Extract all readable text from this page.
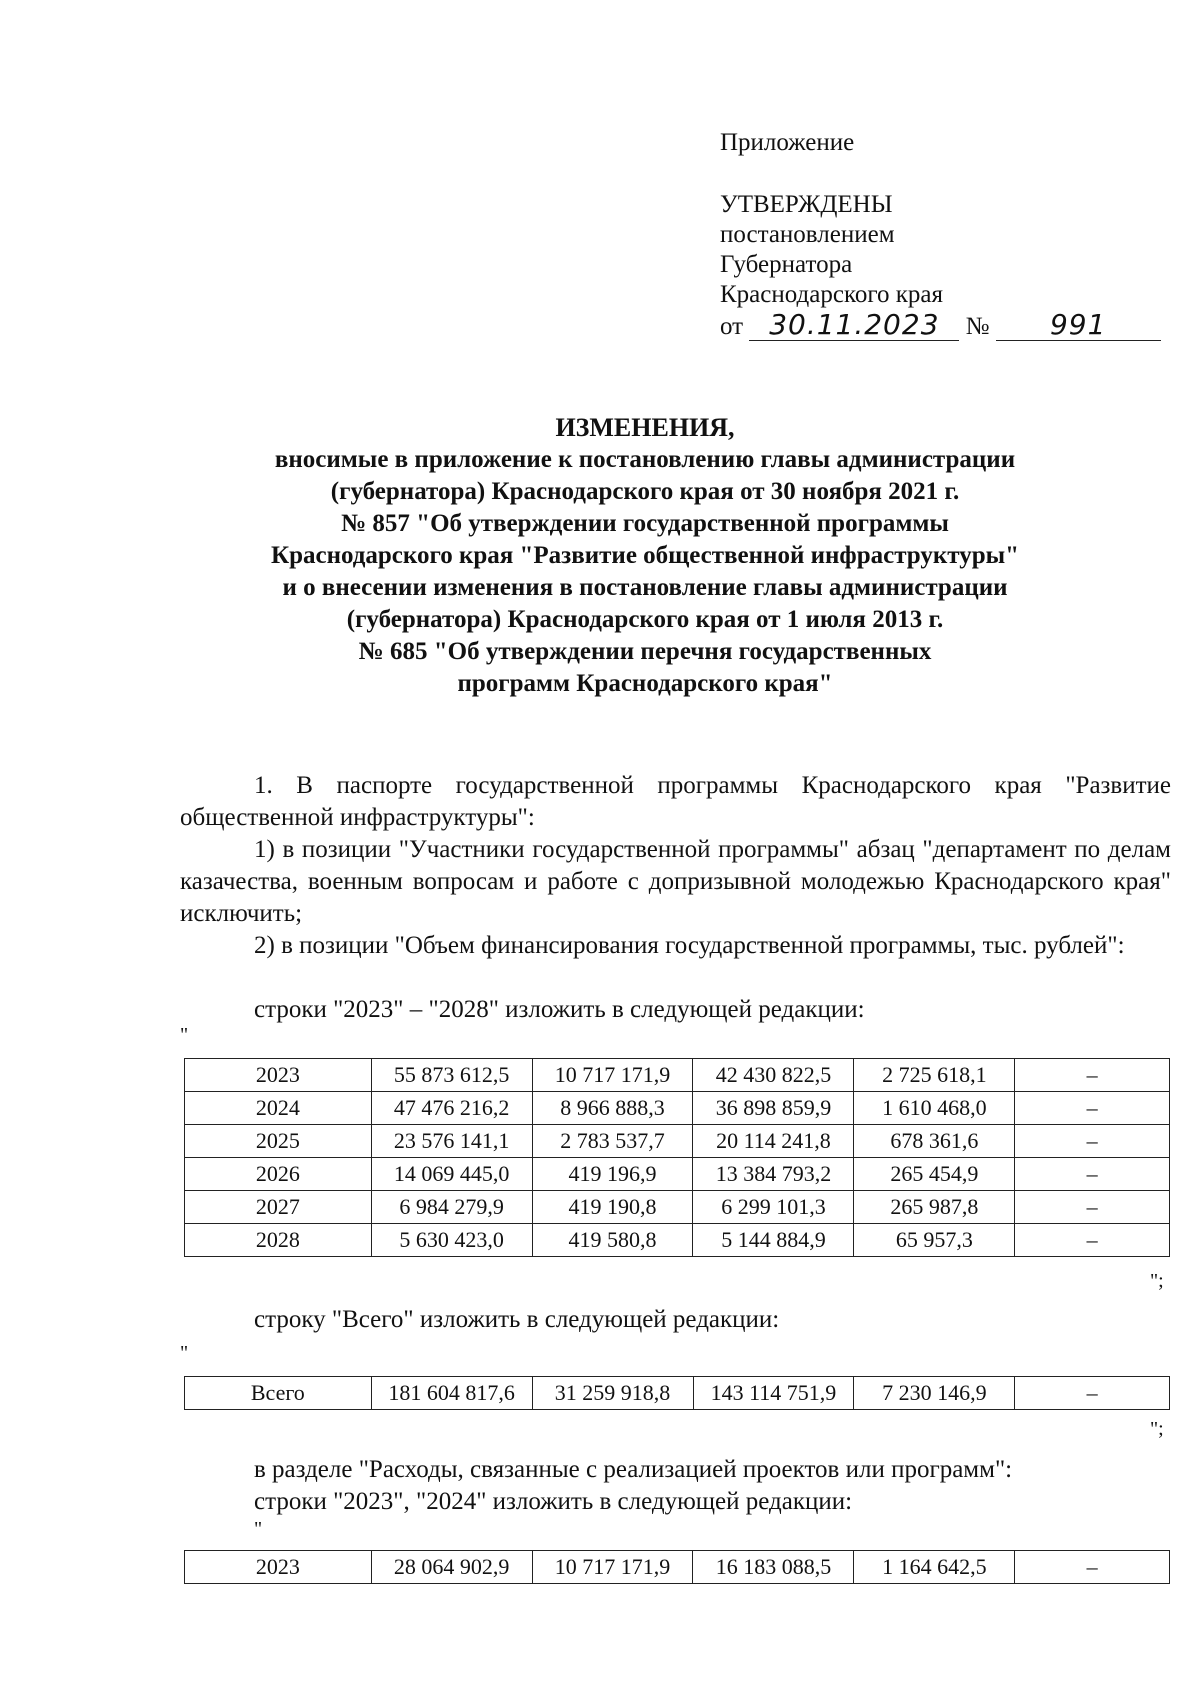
Приложение
УТВЕРЖДЕНЫ
постановлением
Губернатора
Краснодарского края
от 30.11.2023 № 991
ИЗМЕНЕНИЯ,
вносимые в приложение к постановлению главы администрации
(губернатора) Краснодарского края от 30 ноября 2021 г.
№ 857 "Об утверждении государственной программы
Краснодарского края "Развитие общественной инфраструктуры"
и о внесении изменения в постановление главы администрации
(губернатора) Краснодарского края от 1 июля 2013 г.
№ 685 "Об утверждении перечня государственных
программ Краснодарского края"
1. В паспорте государственной программы Краснодарского края "Развитие общественной инфраструктуры":
1) в позиции "Участники государственной программы" абзац "департамент по делам казачества, военным вопросам и работе с допризывной молодежью Краснодарского края" исключить;
2) в позиции "Объем финансирования государственной программы, тыс. рублей":
строки "2023" – "2028" изложить в следующей редакции:
"
2023	55 873 612,5	10 717 171,9	42 430 822,5	2 725 618,1	–
2024	47 476 216,2	8 966 888,3	36 898 859,9	1 610 468,0	–
2025	23 576 141,1	2 783 537,7	20 114 241,8	678 361,6	–
2026	14 069 445,0	419 196,9	13 384 793,2	265 454,9	–
2027	6 984 279,9	419 190,8	6 299 101,3	265 987,8	–
2028	5 630 423,0	419 580,8	5 144 884,9	65 957,3	–
";
строку "Всего" изложить в следующей редакции:
"
Всего	181 604 817,6	31 259 918,8	143 114 751,9	7 230 146,9	–
";
в разделе "Расходы, связанные с реализацией проектов или программ":
строки "2023", "2024" изложить в следующей редакции:
"
2023	28 064 902,9	10 717 171,9	16 183 088,5	1 164 642,5	–
